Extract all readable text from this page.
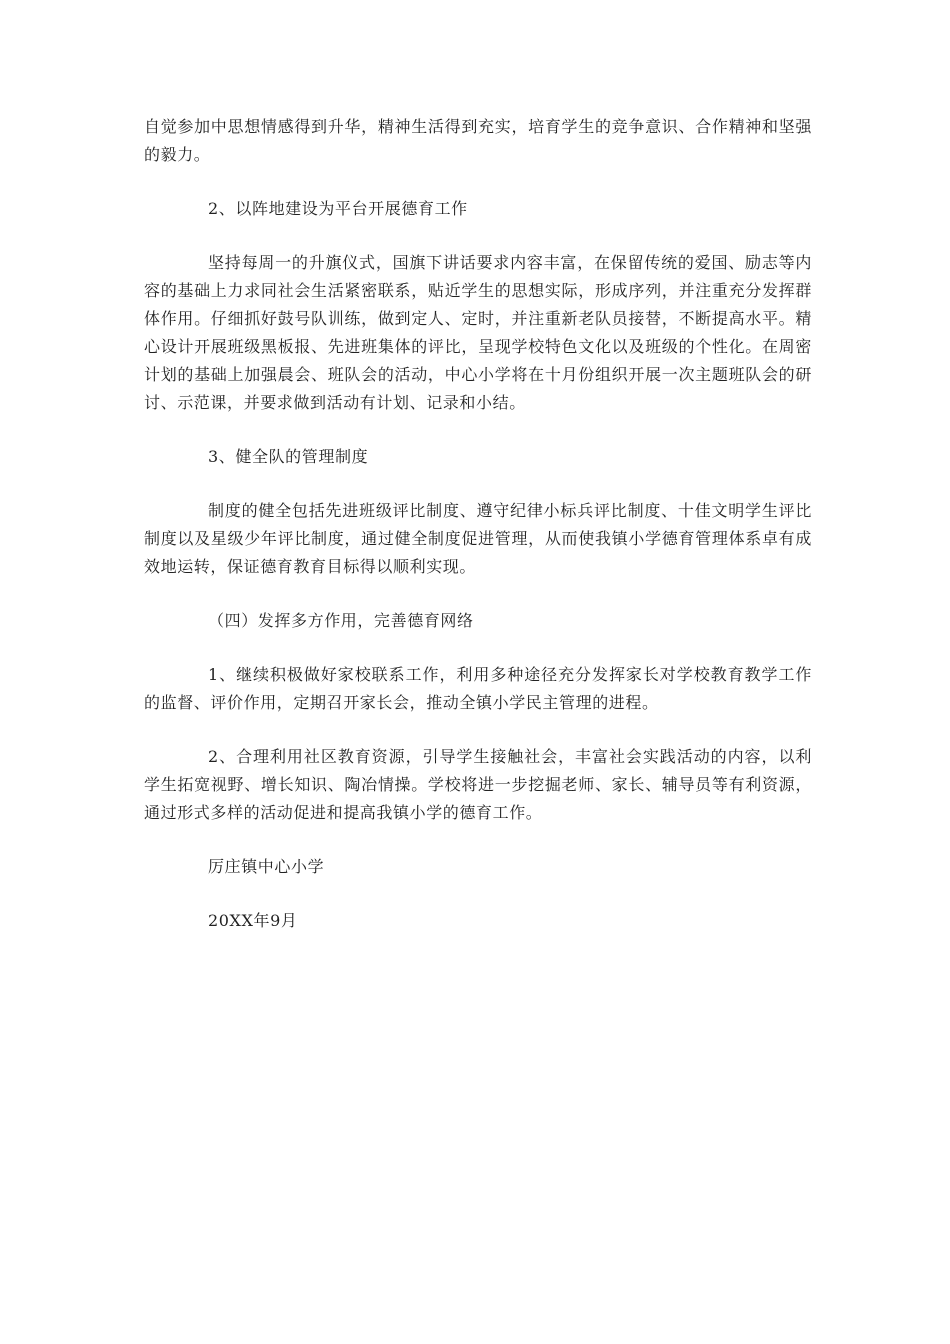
自觉参加中思想情感得到升华，精神生活得到充实，培育学生的竞争意识、合作精神和坚强的毅力。

2、以阵地建设为平台开展德育工作

坚持每周一的升旗仪式，国旗下讲话要求内容丰富，在保留传统的爱国、励志等内容的基础上力求同社会生活紧密联系，贴近学生的思想实际，形成序列，并注重充分发挥群体作用。仔细抓好鼓号队训练，做到定人、定时，并注重新老队员接替，不断提高水平。精心设计开展班级黑板报、先进班集体的评比，呈现学校特色文化以及班级的个性化。在周密计划的基础上加强晨会、班队会的活动，中心小学将在十月份组织开展一次主题班队会的研讨、示范课，并要求做到活动有计划、记录和小结。

3、健全队的管理制度

制度的健全包括先进班级评比制度、遵守纪律小标兵评比制度、十佳文明学生评比制度以及星级少年评比制度，通过健全制度促进管理，从而使我镇小学德育管理体系卓有成效地运转，保证德育教育目标得以顺利实现。

（四）发挥多方作用，完善德育网络

1、继续积极做好家校联系工作，利用多种途径充分发挥家长对学校教育教学工作的监督、评价作用，定期召开家长会，推动全镇小学民主管理的进程。

2、合理利用社区教育资源，引导学生接触社会，丰富社会实践活动的内容，以利学生拓宽视野、增长知识、陶冶情操。学校将进一步挖掘老师、家长、辅导员等有利资源，通过形式多样的活动促进和提高我镇小学的德育工作。

厉庄镇中心小学

20XX年9月
